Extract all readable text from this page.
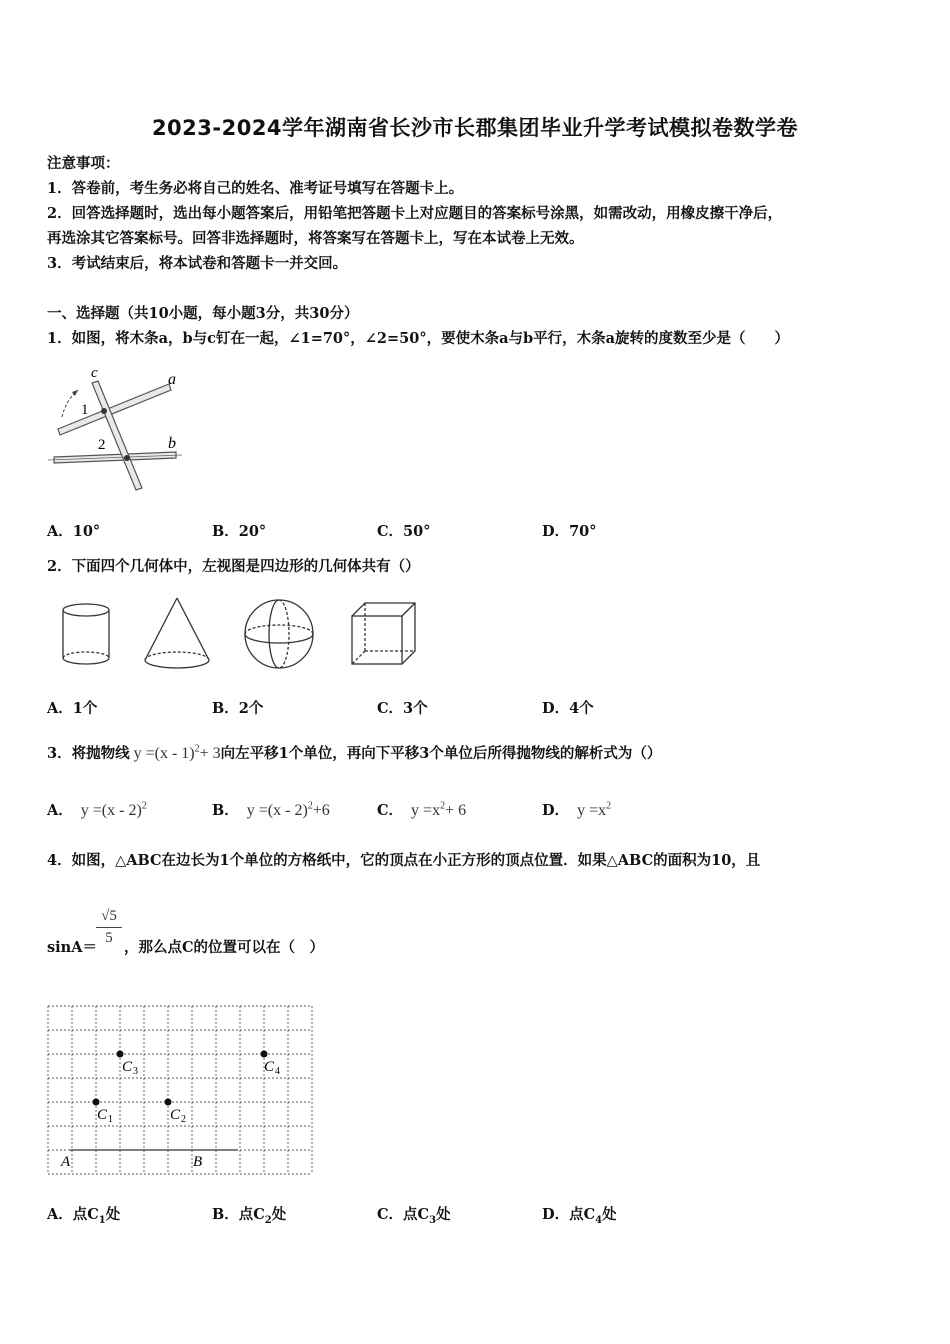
2023-2024学年湖南省长沙市长郡集团毕业升学考试模拟卷数学卷
注意事项：
1．答卷前，考生务必将自己的姓名、准考证号填写在答题卡上。
2．回答选择题时，选出每小题答案后，用铅笔把答题卡上对应题目的答案标号涂黑，如需改动，用橡皮擦干净后，
再选涂其它答案标号。回答非选择题时，将答案写在答题卡上，写在本试卷上无效。
3．考试结束后，将本试卷和答题卡一并交回。
一、选择题（共10小题，每小题3分，共30分）
1．如图，将木条a，b与c钉在一起，∠1=70°，∠2=50°，要使木条a与b平行，木条a旋转的度数至少是（　　）
c	a
b
1
2
A．10°	B．20°	C．50°	D．70°
2．下面四个几何体中，左视图是四边形的几何体共有（）
A．1个	B．2个	C．3个	D．4个
3．将抛物线 y =(x - 1)$^2$+ 3向左平移1个单位，再向下平移3个单位后所得抛物线的解析式为（）
A． y =(x - 2)$^2$	B． y =(x - 2)$^2$+6	C． $y =x^2+ 6$	D． $y =x^2$
4．如图，△ABC在边长为1个单位的方格纸中，它的顶点在小正方形的顶点位置．如果△ABC的面积为10，且
sinA＝
$\frac{√5}{5}$
，那么点C的位置可以在（　）
C 3	C 4
C 1	C 2
A	B
A．点$C_1$处	B．点$C_2$处	C．点$C_3$处	D．点$C_4$处
